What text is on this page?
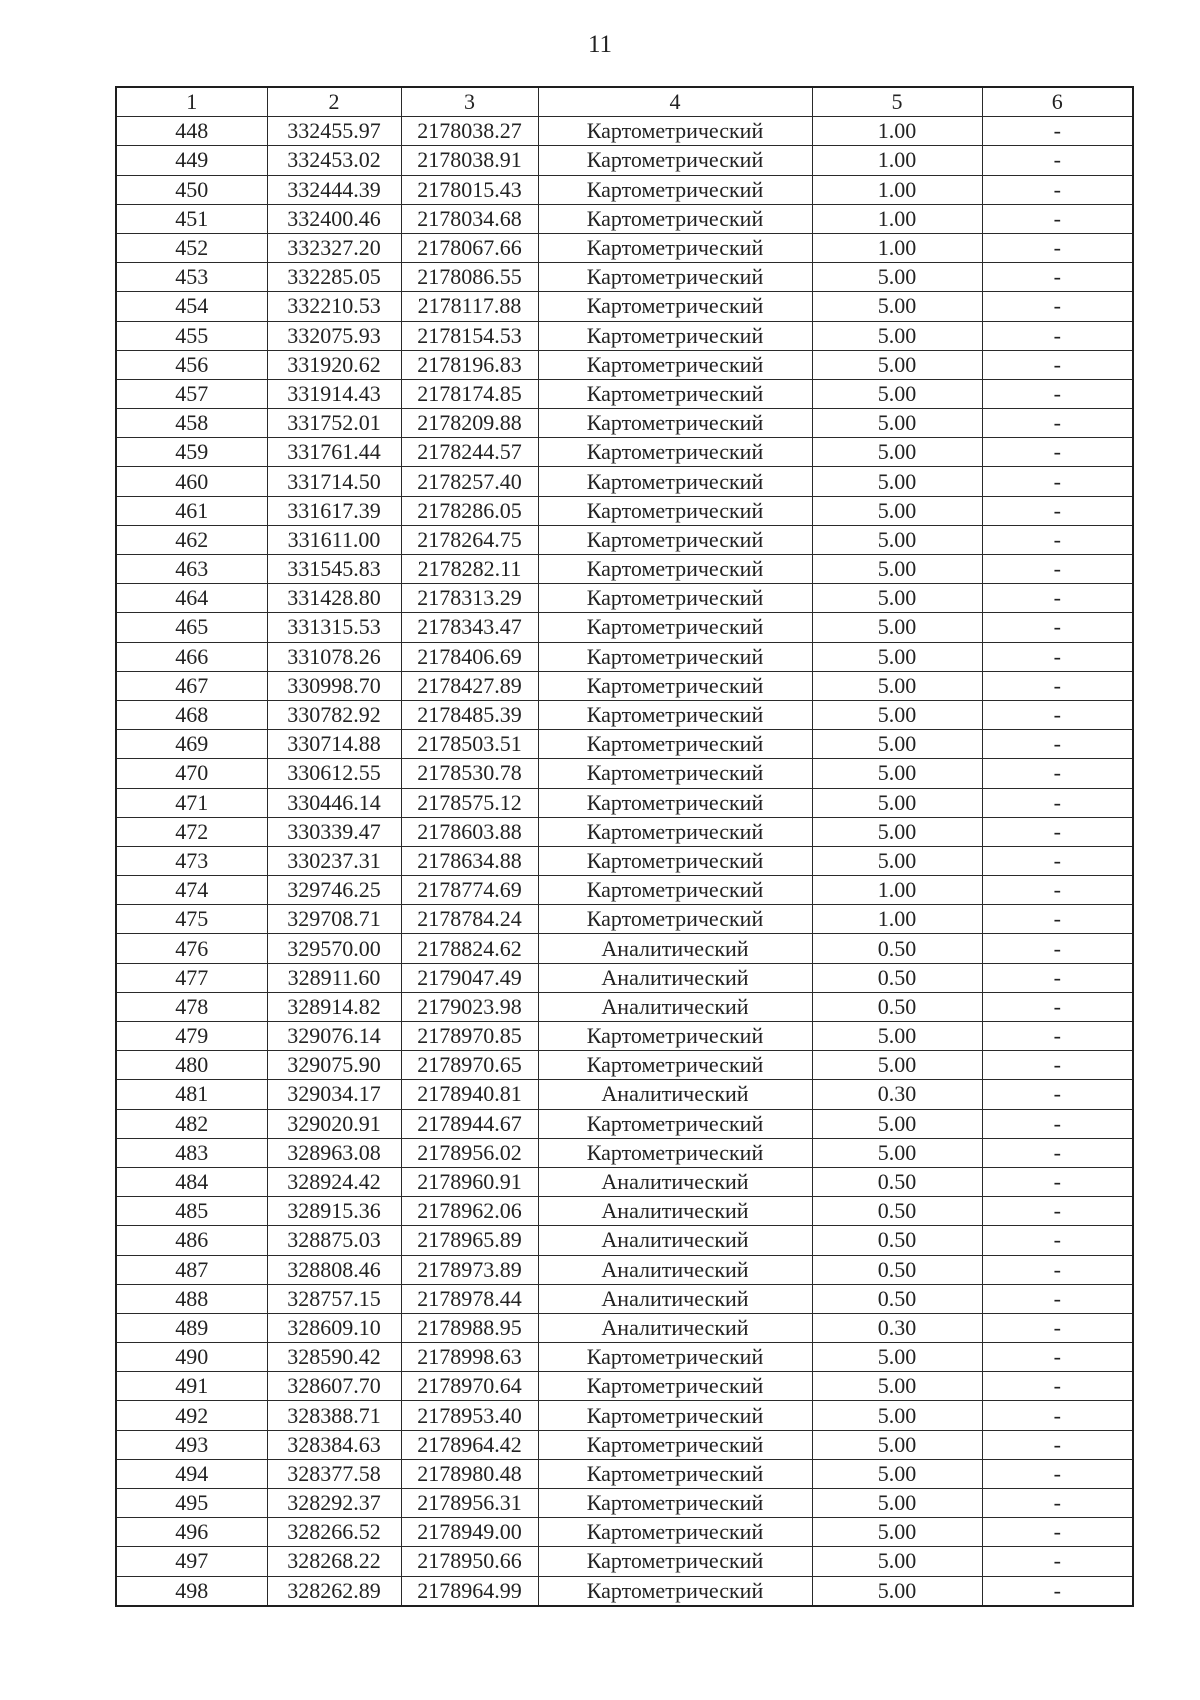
11
1	2	3	4	5	6
448	332455.97	2178038.27	Картометрический	1.00	-
449	332453.02	2178038.91	Картометрический	1.00	-
450	332444.39	2178015.43	Картометрический	1.00	-
451	332400.46	2178034.68	Картометрический	1.00	-
452	332327.20	2178067.66	Картометрический	1.00	-
453	332285.05	2178086.55	Картометрический	5.00	-
454	332210.53	2178117.88	Картометрический	5.00	-
455	332075.93	2178154.53	Картометрический	5.00	-
456	331920.62	2178196.83	Картометрический	5.00	-
457	331914.43	2178174.85	Картометрический	5.00	-
458	331752.01	2178209.88	Картометрический	5.00	-
459	331761.44	2178244.57	Картометрический	5.00	-
460	331714.50	2178257.40	Картометрический	5.00	-
461	331617.39	2178286.05	Картометрический	5.00	-
462	331611.00	2178264.75	Картометрический	5.00	-
463	331545.83	2178282.11	Картометрический	5.00	-
464	331428.80	2178313.29	Картометрический	5.00	-
465	331315.53	2178343.47	Картометрический	5.00	-
466	331078.26	2178406.69	Картометрический	5.00	-
467	330998.70	2178427.89	Картометрический	5.00	-
468	330782.92	2178485.39	Картометрический	5.00	-
469	330714.88	2178503.51	Картометрический	5.00	-
470	330612.55	2178530.78	Картометрический	5.00	-
471	330446.14	2178575.12	Картометрический	5.00	-
472	330339.47	2178603.88	Картометрический	5.00	-
473	330237.31	2178634.88	Картометрический	5.00	-
474	329746.25	2178774.69	Картометрический	1.00	-
475	329708.71	2178784.24	Картометрический	1.00	-
476	329570.00	2178824.62	Аналитический	0.50	-
477	328911.60	2179047.49	Аналитический	0.50	-
478	328914.82	2179023.98	Аналитический	0.50	-
479	329076.14	2178970.85	Картометрический	5.00	-
480	329075.90	2178970.65	Картометрический	5.00	-
481	329034.17	2178940.81	Аналитический	0.30	-
482	329020.91	2178944.67	Картометрический	5.00	-
483	328963.08	2178956.02	Картометрический	5.00	-
484	328924.42	2178960.91	Аналитический	0.50	-
485	328915.36	2178962.06	Аналитический	0.50	-
486	328875.03	2178965.89	Аналитический	0.50	-
487	328808.46	2178973.89	Аналитический	0.50	-
488	328757.15	2178978.44	Аналитический	0.50	-
489	328609.10	2178988.95	Аналитический	0.30	-
490	328590.42	2178998.63	Картометрический	5.00	-
491	328607.70	2178970.64	Картометрический	5.00	-
492	328388.71	2178953.40	Картометрический	5.00	-
493	328384.63	2178964.42	Картометрический	5.00	-
494	328377.58	2178980.48	Картометрический	5.00	-
495	328292.37	2178956.31	Картометрический	5.00	-
496	328266.52	2178949.00	Картометрический	5.00	-
497	328268.22	2178950.66	Картометрический	5.00	-
498	328262.89	2178964.99	Картометрический	5.00	-
